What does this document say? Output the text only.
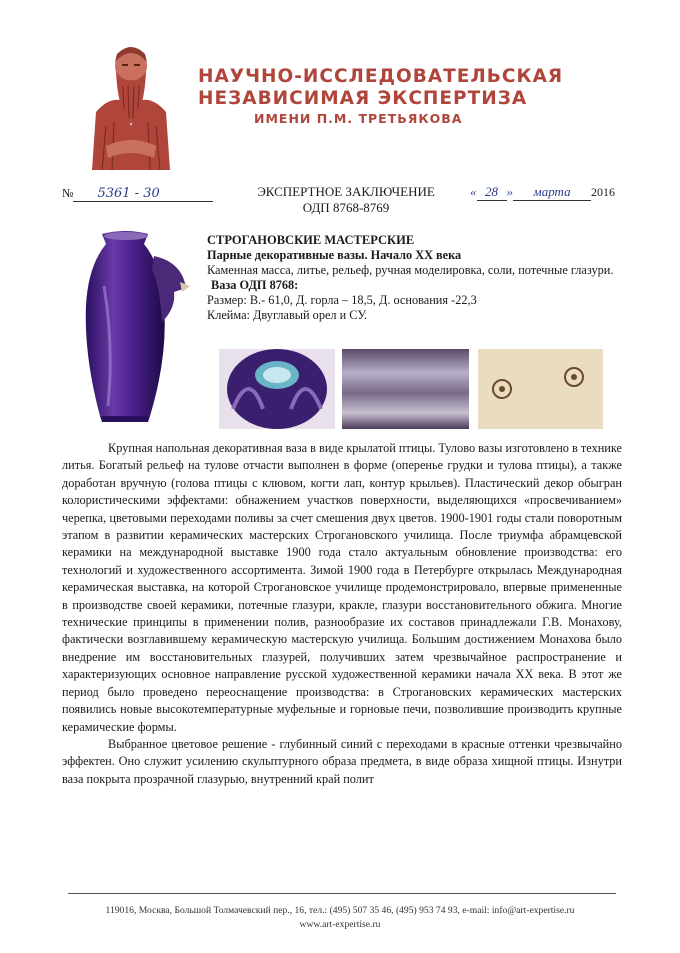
НАУЧНО-ИССЛЕДОВАТЕЛЬСКАЯ
НЕЗАВИСИМАЯ ЭКСПЕРТИЗА
ИМЕНИ П.М. ТРЕТЬЯКОВА
№ 5361 - 30	ЭКСПЕРТНОЕ ЗАКЛЮЧЕНИЕ
ОДП 8768-8769
« 28 » марта 2016
СТРОГАНОВСКИЕ МАСТЕРСКИЕ
Парные декоративные вазы. Начало XX века
Каменная масса, литье, рельеф, ручная моделировка, соли, потечные глазури.
Ваза ОДП 8768:
Размер: В.- 61,0, Д. горла – 18,5, Д. основания -22,3
Клейма: Двуглавый орел и СУ.

Крупная напольная декоративная ваза в виде крылатой птицы. Тулово вазы изготовлено в технике литья. Богатый рельеф на тулове отчасти выполнен в форме (оперенье грудки и тулова птицы), а также доработан вручную (голова птицы с клювом, когти лап, контур крыльев). Пластический декор обыгран колористическими эффектами: обнажением участков поверхности, выделяющихся «просвечиванием» черепка, цветовыми переходами поливы за счет смешения двух цветов. 1900-1901 годы стали поворотным этапом в развитии керамических мастерских Строгановского училища. После триумфа абрамцевской керамики на международной выставке 1900 года стало актуальным обновление производства: его технологий и художественного ассортимента. Зимой 1900 года в Петербурге открылась Международная керамическая выставка, на которой Строгановское училище продемонстрировало, впервые примененные в производстве своей керамики, потечные глазури, кракле, глазури восстановительного обжига. Многие технические принципы в применении полив, разнообразие их составов принадлежали Г.В. Монахову, фактически возглавившему керамическую мастерскую училища. Большим достижением Монахова было внедрение им восстановительных глазурей, получивших затем чрезвычайное распространение и характеризующих основное направление русской художественной керамики начала XX века. В этот же период было проведено переоснащение производства: в Строгановских керамических мастерских появились новые высокотемпературные муфельные и горновые печи, позволившие производить крупные керамические формы.

Выбранное цветовое решение - глубинный синий с переходами в красные оттенки чрезвычайно эффектен. Оно служит усилению скульптурного образа предмета, в виде образа хищной птицы. Изнутри ваза покрыта прозрачной глазурью, внутренний край полит

119016, Москва, Большой Толмачевский пер., 16, тел.: (495) 507 35 46, (495) 953 74 93, e-mail: info@art-expertise.ru
www.art-expertise.ru
